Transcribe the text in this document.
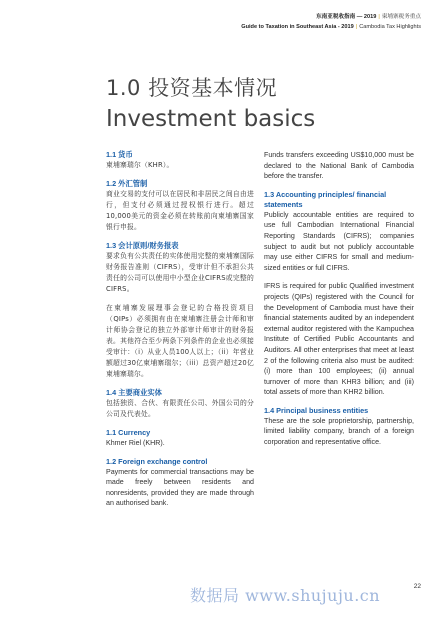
东南亚税收指南 — 2019 | 柬埔寨税务重点
Guide to Taxation in Southeast Asia - 2019 | Cambodia Tax Highlights
1.0 投资基本情况
Investment basics
1.1 货币
柬埔寨瑞尔（KHR）。
1.2 外汇管制
商业交易的支付可以在居民和非居民之间自由进行，但支付必须通过授权银行进行。超过10,000美元的资金必须在转账前向柬埔寨国家银行申报。
1.3 会计原则/财务报表
要求负有公共责任的实体使用完整的柬埔寨国际财务报告准则（CIFRS），受审计但不承担公共责任的公司可以使用中小型企业CIFRS或完整的CIFRS。
在柬埔寨发展理事会登记的合格投资项目（QIPs）必须拥有由在柬埔寨注册会计师和审计师协会登记的独立外部审计师审计的财务报表。其他符合至少两条下列条件的企业也必须接受审计：（i）从业人员100人以上；（ii）年营业额超过30亿柬埔寨瑞尔；（iii）总资产超过20亿柬埔寨瑞尔。
1.4 主要商业实体
包括独资、合伙、有限责任公司、外国公司的分公司及代表处。
1.1 Currency
Khmer Riel (KHR).
1.2 Foreign exchange control
Payments for commercial transactions may be made freely between residents and nonresidents, provided they are made through an authorised bank.
Funds transfers exceeding US$10,000 must be declared to the National Bank of Cambodia before the transfer.
1.3 Accounting principles/ financial statements
Publicly accountable entities are required to use full Cambodian International Financial Reporting Standards (CIFRS); companies subject to audit but not publicly accountable may use either CIFRS for small and medium-sized entities or full CIFRS.
IFRS is required for public Qualified investment projects (QIPs) registered with the Council for the Development of Cambodia must have their financial statements audited by an independent external auditor registered with the Kampuchea Institute of Certified Public Accountants and Auditors. All other enterprises that meet at least 2 of the following criteria also must be audited: (i) more than 100 employees; (ii) annual turnover of more than KHR3 billion; and (iii) total assets of more than KHR2 billion.
1.4 Principal business entities
These are the sole proprietorship, partnership, limited liability company, branch of a foreign corporation and representative office.
22
数据局 www.shujuju.cn
